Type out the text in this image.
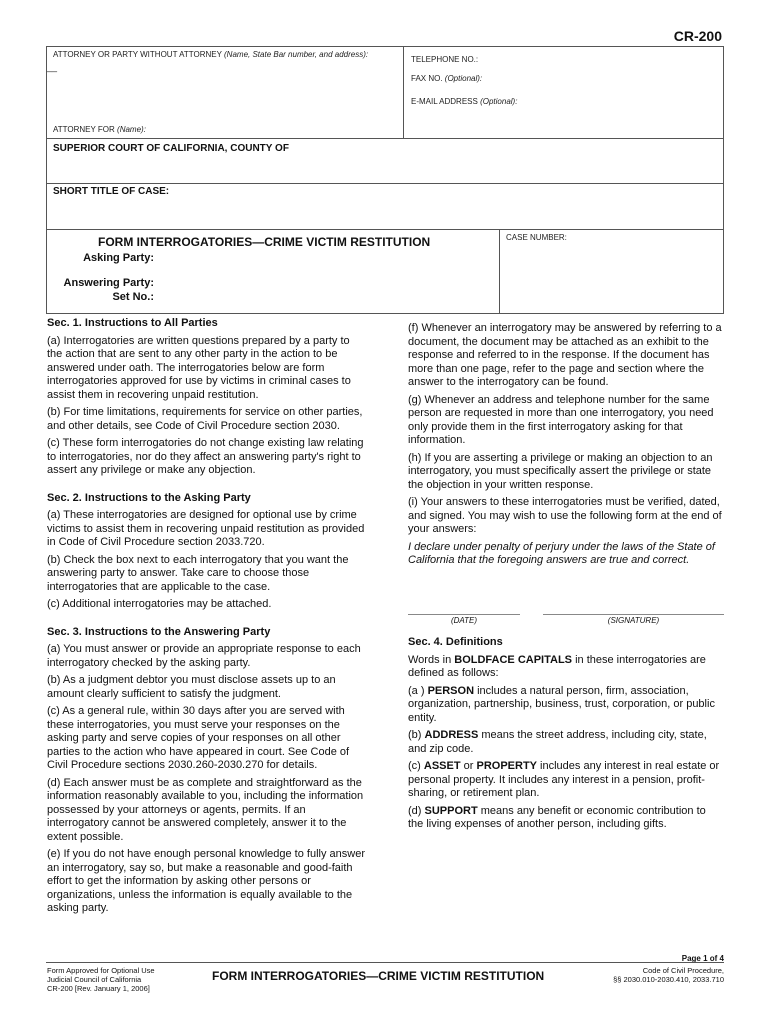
CR-200
ATTORNEY OR PARTY WITHOUT ATTORNEY (Name, State Bar number, and address):
__
TELEPHONE NO.:
FAX NO. (Optional):
E-MAIL ADDRESS (Optional):
ATTORNEY FOR (Name):
SUPERIOR COURT OF CALIFORNIA, COUNTY OF
SHORT TITLE OF CASE:
FORM INTERROGATORIES—CRIME VICTIM RESTITUTION	CASE NUMBER:
Asking Party:
Answering Party:
Set No.:
Sec. 1. Instructions to All Parties

(a) Interrogatories are written questions prepared by a party to the action that are sent to any other party in the action to be answered under oath. The interrogatories below are form interrogatories approved for use by victims in criminal cases to assist them in recovering unpaid restitution.

(b) For time limitations, requirements for service on other parties, and other details, see Code of Civil Procedure section 2030.

(c) These form interrogatories do not change existing law relating to interrogatories, nor do they affect an answering party's right to assert any privilege or make any objection.

Sec. 2. Instructions to the Asking Party

(a) These interrogatories are designed for optional use by crime victims to assist them in recovering unpaid restitution as provided in Code of Civil Procedure section 2033.720.

(b) Check the box next to each interrogatory that you want the answering party to answer. Take care to choose those interrogatories that are applicable to the case.

(c) Additional interrogatories may be attached.

Sec. 3. Instructions to the Answering Party

(a) You must answer or provide an appropriate response to each interrogatory checked by the asking party.

(b) As a judgment debtor you must disclose assets up to an amount clearly sufficient to satisfy the judgment.

(c) As a general rule, within 30 days after you are served with these interrogatories, you must serve your responses on the asking party and serve copies of your responses on all other parties to the action who have appeared in court. See Code of Civil Procedure sections 2030.260-2030.270 for details.

(d) Each answer must be as complete and straightforward as the information reasonably available to you, including the information possessed by your attorneys or agents, permits. If an interrogatory cannot be answered completely, answer it to the extent possible.

(e) If you do not have enough personal knowledge to fully answer an interrogatory, say so, but make a reasonable and good-faith effort to get the information by asking other persons or organizations, unless the information is equally available to the asking party.

(f) Whenever an interrogatory may be answered by referring to a document, the document may be attached as an exhibit to the response and referred to in the response. If the document has more than one page, refer to the page and section where the answer to the interrogatory can be found.

(g) Whenever an address and telephone number for the same person are requested in more than one interrogatory, you need only provide them in the first interrogatory asking for that information.

(h) If you are asserting a privilege or making an objection to an interrogatory, you must specifically assert the privilege or state the objection in your written response.

(i) Your answers to these interrogatories must be verified, dated, and signed. You may wish to use the following form at the end of your answers:

I declare under penalty of perjury under the laws of the State of California that the foregoing answers are true and correct.

(DATE)	(SIGNATURE)
Sec. 4. Definitions

Words in BOLDFACE CAPITALS in these interrogatories are defined as follows:

(a ) PERSON includes a natural person, firm, association, organization, partnership, business, trust, corporation, or public entity.

(b) ADDRESS means the street address, including city, state, and zip code.

(c) ASSET or PROPERTY includes any interest in real estate or personal property. It includes any interest in a pension, profit-sharing, or retirement plan.

(d) SUPPORT means any benefit or economic contribution to the living expenses of another person, including gifts.

Page 1 of 4
Form Approved for Optional Use
Judicial Council of California
CR-200 [Rev. January 1, 2006]
FORM INTERROGATORIES—CRIME VICTIM RESTITUTION	Code of Civil Procedure,
§§ 2030.010-2030.410, 2033.710
